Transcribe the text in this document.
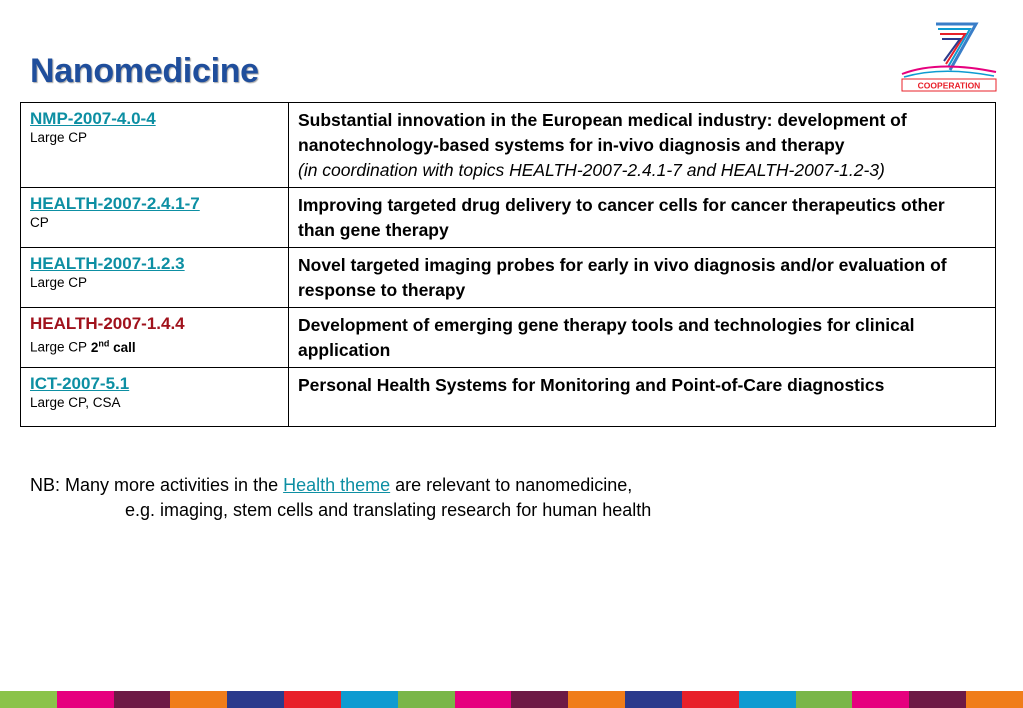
Nanomedicine	COOPERATION
NMP-2007-4.0-4
Large CP	Substantial innovation in the European medical industry: development of nanotechnology-based systems for in-vivo diagnosis and therapy
(in coordination with topics HEALTH-2007-2.4.1-7 and HEALTH-2007-1.2-3)

HEALTH-2007-2.4.1-7
CP	Improving targeted drug delivery to cancer cells for cancer therapeutics other than gene therapy

HEALTH-2007-1.2.3
Large CP	Novel targeted imaging probes for early in vivo diagnosis and/or evaluation of response to therapy

HEALTH-2007-1.4.4
Large CP 2nd call	Development of emerging gene therapy tools and technologies for clinical application

ICT-2007-5.1
Large CP, CSA	Personal Health Systems for Monitoring and Point-of-Care diagnostics
NB: Many more activities in the Health theme are relevant to nanomedicine,
e.g. imaging, stem cells and translating research for human health
